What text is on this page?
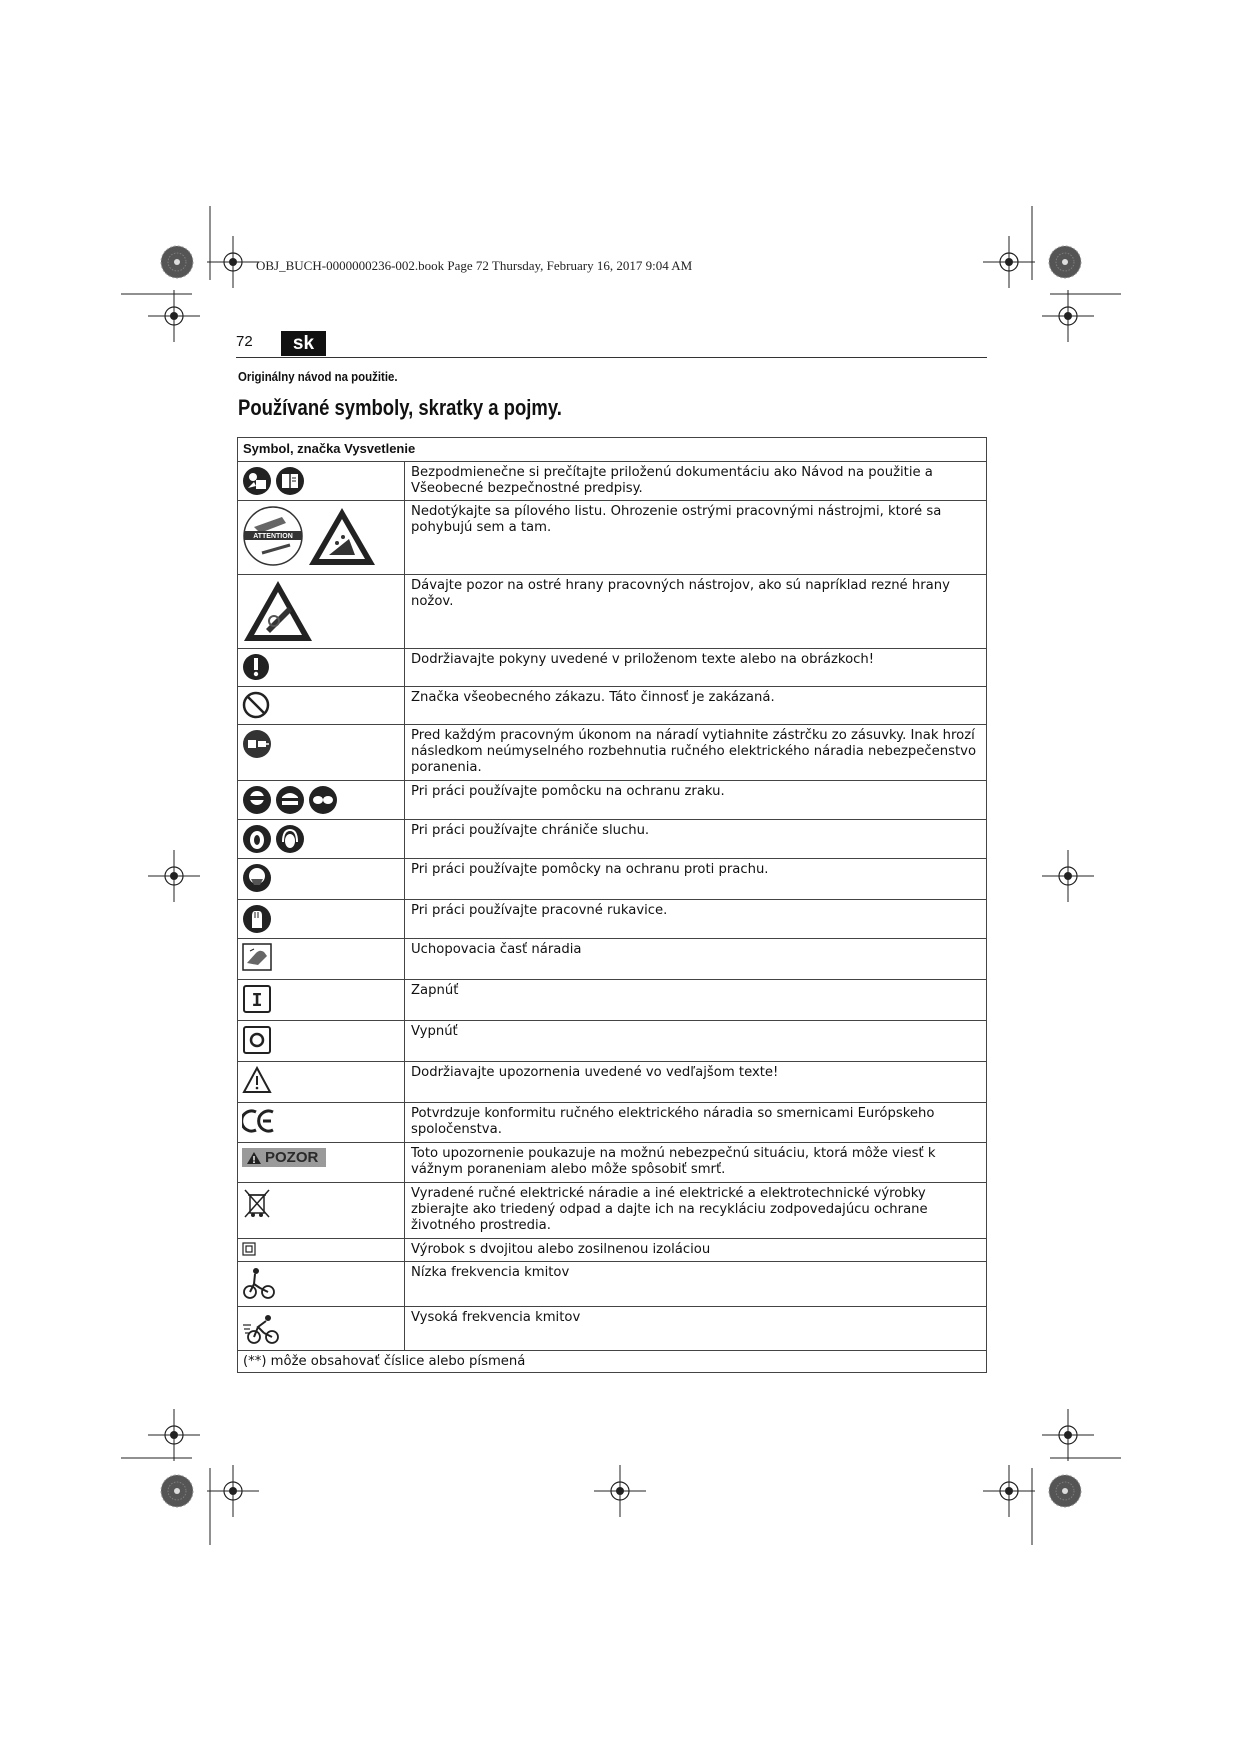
OBJ_BUCH-0000000236-002.book Page 72 Thursday, February 16, 2017 9:04 AM
72	sk
Originálny návod na použitie.
Používané symboly, skratky a pojmy.
Symbol, značka Vysvetlenie	

	Bezpodmienečne si prečítajte priloženú dokumentáciu ako Návod na použitie a Všeobecné bezpečnostné predpisy.

ATTENTION	Nedotýkajte sa pílového listu. Ohrozenie ostrými pracovnými nástrojmi, ktoré sa pohybujú sem a tam.

	Dávajte pozor na ostré hrany pracovných nástrojov, ako sú napríklad rezné hrany nožov.

	Dodržiavajte pokyny uvedené v priloženom texte alebo na obrázkoch!

	Značka všeobecného zákazu. Táto činnosť je zakázaná.

	Pred každým pracovným úkonom na náradí vytiahnite zástrčku zo zásuvky. Inak hrozí následkom neúmyselného rozbehnutia ručného elektrického náradia nebezpečenstvo poranenia.

	Pri práci používajte pomôcku na ochranu zraku.

	Pri práci používajte chrániče sluchu.

	Pri práci používajte pomôcky na ochranu proti prachu.

	Pri práci používajte pracovné rukavice.

	Uchopovacia časť náradia

I	Zapnúť

	Vypnúť

	Dodržiavajte upozornenia uvedené vo vedľajšom texte!

	Potvrdzuje konformitu ručného elektrického náradia so smernicami Európskeho spoločenstva.

POZOR	Toto upozornenie poukazuje na možnú nebezpečnú situáciu, ktorá môže viesť k vážnym poraneniam alebo môže spôsobiť smrť.

	Vyradené ručné elektrické náradie a iné elektrické a elektrotechnické výrobky zbierajte ako triedený odpad a dajte ich na recykláciu zodpovedajúcu ochrane životného prostredia.

	Výrobok s dvojitou alebo zosilnenou izoláciou

	Nízka frekvencia kmitov

	Vysoká frekvencia kmitov
(**) môže obsahovať číslice alebo písmená	
